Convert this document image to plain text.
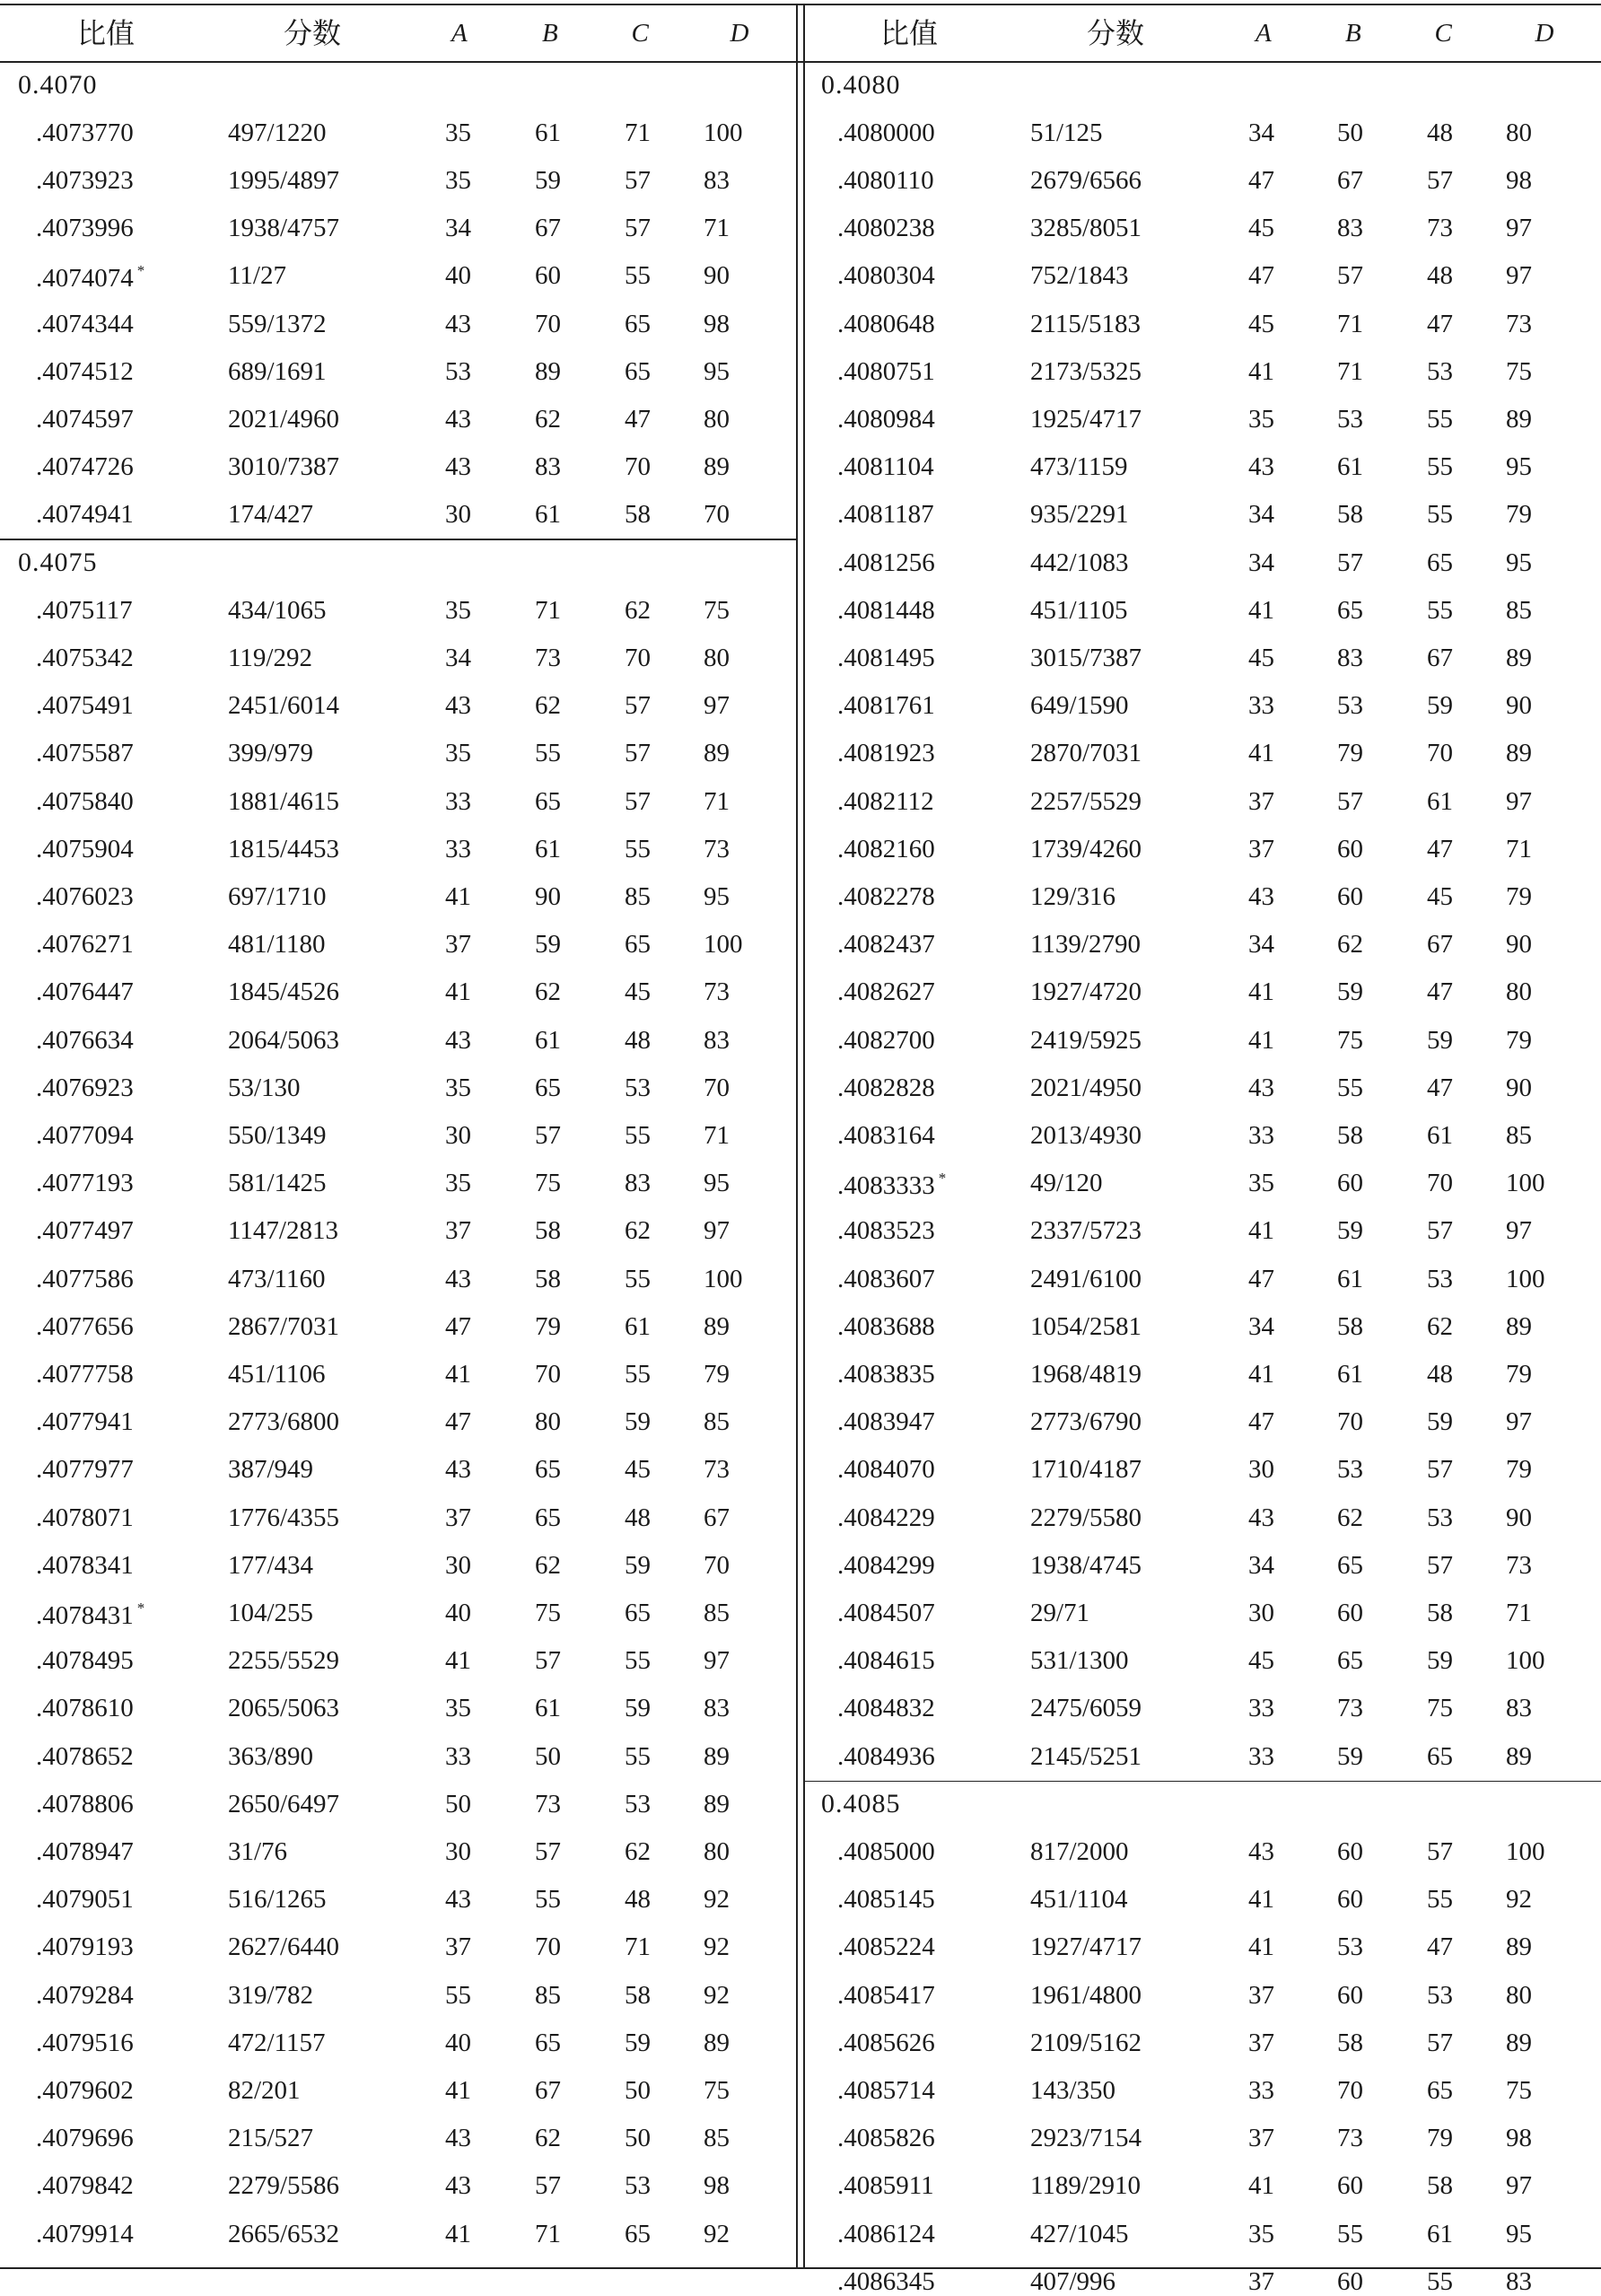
比值	分数	A	B	C	D	比值	分数	A	B	C	D
0.4070
.4073770	497/1220	35 61 71 100
.4073923	1995/4897	35 59 57 83
.4073996	1938/4757	34 67 57 71
.4074074 *	11/27	40 60 55 90
.4074344	559/1372	43 70 65 98
.4074512	689/1691	53 89 65 95
.4074597	2021/4960	43 62 47 80
.4074726	3010/7387	43 83 70 89
.4074941	174/427	30 61 58 70
0.4075
.4075117	434/1065	35 71 62 75
.4075342	119/292	34 73 70 80
.4075491	2451/6014	43 62 57 97
.4075587	399/979	35 55 57 89
.4075840	1881/4615	33 65 57 71
.4075904	1815/4453	33 61 55 73
.4076023	697/1710	41 90 85 95
.4076271	481/1180	37 59 65 100
.4076447	1845/4526	41 62 45 73
.4076634	2064/5063	43 61 48 83
.4076923	53/130	35 65 53 70
.4077094	550/1349	30 57 55 71
.4077193	581/1425	35 75 83 95
.4077497	1147/2813	37 58 62 97
.4077586	473/1160	43 58 55 100
.4077656	2867/7031	47 79 61 89
.4077758	451/1106	41 70 55 79
.4077941	2773/6800	47 80 59 85
.4077977	387/949	43 65 45 73
.4078071	1776/4355	37 65 48 67
.4078341	177/434	30 62 59 70
.4078431 *	104/255	40 75 65 85
.4078495	2255/5529	41 57 55 97
.4078610	2065/5063	35 61 59 83
.4078652	363/890	33 50 55 89
.4078806	2650/6497	50 73 53 89
.4078947	31/76	30 57 62 80
.4079051	516/1265	43 55 48 92
.4079193	2627/6440	37 70 71 92
.4079284	319/782	55 85 58 92
.4079516	472/1157	40 65 59 89
.4079602	82/201	41 67 50 75
.4079696	215/527	43 62 50 85
.4079842	2279/5586	43 57 53 98
.4079914	2665/6532	41 71 65 92
0.4080
.4080000	51/125	34 50 48 80
.4080110	2679/6566	47 67 57 98
.4080238	3285/8051	45 83 73 97
.4080304	752/1843	47 57 48 97
.4080648	2115/5183	45 71 47 73
.4080751	2173/5325	41 71 53 75
.4080984	1925/4717	35 53 55 89
.4081104	473/1159	43 61 55 95
.4081187	935/2291	34 58 55 79
.4081256	442/1083	34 57 65 95
.4081448	451/1105	41 65 55 85
.4081495	3015/7387	45 83 67 89
.4081761	649/1590	33 53 59 90
.4081923	2870/7031	41 79 70 89
.4082112	2257/5529	37 57 61 97
.4082160	1739/4260	37 60 47 71
.4082278	129/316	43 60 45 79
.4082437	1139/2790	34 62 67 90
.4082627	1927/4720	41 59 47 80
.4082700	2419/5925	41 75 59 79
.4082828	2021/4950	43 55 47 90
.4083164	2013/4930	33 58 61 85
.4083333 *	49/120	35 60 70 100
.4083523	2337/5723	41 59 57 97
.4083607	2491/6100	47 61 53 100
.4083688	1054/2581	34 58 62 89
.4083835	1968/4819	41 61 48 79
.4083947	2773/6790	47 70 59 97
.4084070	1710/4187	30 53 57 79
.4084229	2279/5580	43 62 53 90
.4084299	1938/4745	34 65 57 73
.4084507	29/71	30 60 58 71
.4084615	531/1300	45 65 59 100
.4084832	2475/6059	33 73 75 83
.4084936	2145/5251	33 59 65 89
0.4085
.4085000	817/2000	43 60 57 100
.4085145	451/1104	41 60 55 92
.4085224	1927/4717	41 53 47 89
.4085417	1961/4800	37 60 53 80
.4085626	2109/5162	37 58 57 89
.4085714	143/350	33 70 65 75
.4085826	2923/7154	37 73 79 98
.4085911	1189/2910	41 60 58 97
.4086124	427/1045	35 55 61 95
.4086345	407/996	37 60 55 83
